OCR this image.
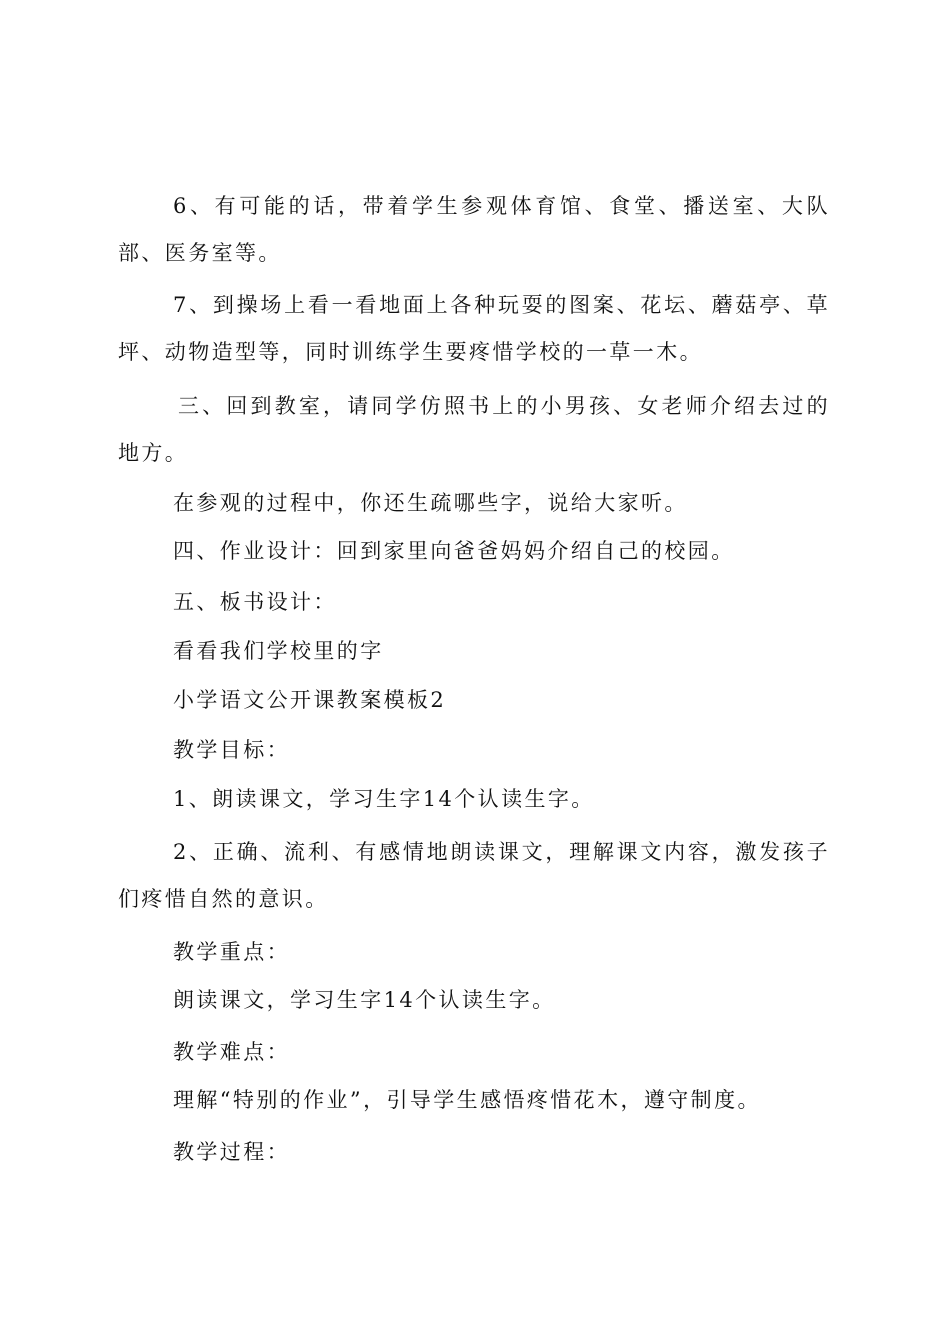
6、有可能的话，带着学生参观体育馆、食堂、播送室、大队部、医务室等。

7、到操场上看一看地面上各种玩耍的图案、花坛、蘑菇亭、草坪、动物造型等，同时训练学生要疼惜学校的一草一木。

三、回到教室，请同学仿照书上的小男孩、女老师介绍去过的地方。

在参观的过程中，你还生疏哪些字，说给大家听。

四、作业设计：回到家里向爸爸妈妈介绍自己的校园。

五、板书设计：

看看我们学校里的字

小学语文公开课教案模板2

教学目标：

1、朗读课文，学习生字14个认读生字。

2、正确、流利、有感情地朗读课文，理解课文内容，激发孩子们疼惜自然的意识。

教学重点：

朗读课文，学习生字14个认读生字。

教学难点：

理解“特别的作业”，引导学生感悟疼惜花木，遵守制度。

教学过程：
